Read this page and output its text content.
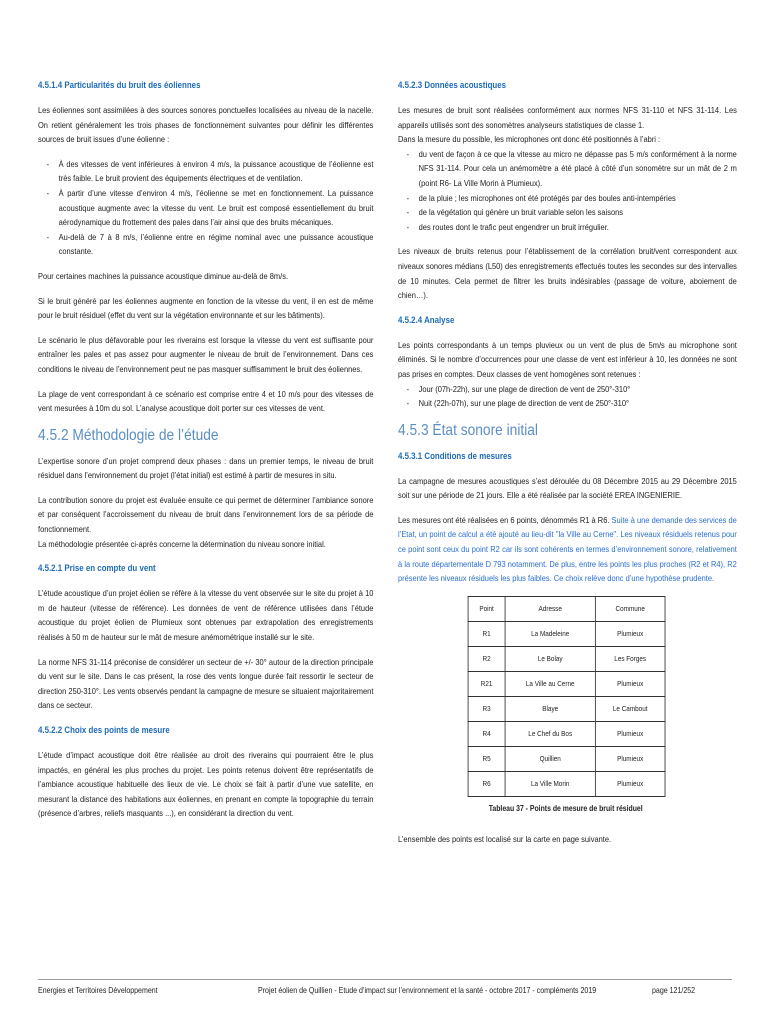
4.5.1.4 Particularités du bruit des éoliennes

Les éoliennes sont assimilées à des sources sonores ponctuelles localisées au niveau de la nacelle. On retient généralement les trois phases de fonctionnement suivantes pour définir les différentes sources de bruit issues d’une éolienne :

- À des vitesses de vent inférieures à environ 4 m/s, la puissance acoustique de l’éolienne est très faible. Le bruit provient des équipements électriques et de ventilation.
- À partir d’une vitesse d’environ 4 m/s, l’éolienne se met en fonctionnement. La puissance acoustique augmente avec la vitesse du vent. Le bruit est composé essentiellement du bruit aérodynamique du frottement des pales dans l’air ainsi que des bruits mécaniques.
- Au-delà de 7 à 8 m/s, l’éolienne entre en régime nominal avec une puissance acoustique constante.

Pour certaines machines la puissance acoustique diminue au-delà de 8m/s.

Si le bruit généré par les éoliennes augmente en fonction de la vitesse du vent, il en est de même pour le bruit résiduel (effet du vent sur la végétation environnante et sur les bâtiments).

Le scénario le plus défavorable pour les riverains est lorsque la vitesse du vent est suffisante pour entraîner les pales et pas assez pour augmenter le niveau de bruit de l’environnement. Dans ces conditions le niveau de l’environnement peut ne pas masquer suffisamment le bruit des éoliennes.

La plage de vent correspondant à ce scénario est comprise entre 4 et 10 m/s pour des vitesses de vent mesurées à 10m du sol. L’analyse acoustique doit porter sur ces vitesses de vent.

4.5.2 Méthodologie de l’étude

L’expertise sonore d’un projet comprend deux phases : dans un premier temps, le niveau de bruit résiduel dans l’environnement du projet (l’état initial) est estimé à partir de mesures in situ.

La contribution sonore du projet est évaluée ensuite ce qui permet de déterminer l’ambiance sonore et par conséquent l’accroissement du niveau de bruit dans l’environnement lors de sa période de fonctionnement.

La méthodologie présentée ci-après concerne la détermination du niveau sonore initial.

4.5.2.1 Prise en compte du vent

L’étude acoustique d’un projet éolien se réfère à la vitesse du vent observée sur le site du projet à 10 m de hauteur (vitesse de référence). Les données de vent de référence utilisées dans l’étude acoustique du projet éolien de Plumieux sont obtenues par extrapolation des enregistrements réalisés à 50 m de hauteur sur le mât de mesure anémométrique installé sur le site.

La norme NFS 31-114 préconise de considérer un secteur de +/- 30° autour de la direction principale du vent sur le site. Dans le cas présent, la rose des vents longue durée fait ressortir le secteur de direction 250-310°. Les vents observés pendant la campagne de mesure se situaient majoritairement dans ce secteur.

4.5.2.2 Choix des points de mesure

L’étude d’impact acoustique doit être réalisée au droit des riverains qui pourraient être le plus impactés, en général les plus proches du projet. Les points retenus doivent être représentatifs de l’ambiance acoustique habituelle des lieux de vie. Le choix se fait à partir d’une vue satellite, en mesurant la distance des habitations aux éoliennes, en prenant en compte la topographie du terrain (présence d’arbres, reliefs masquants ...), en considérant la direction du vent.

4.5.2.3 Données acoustiques

Les mesures de bruit sont réalisées conformément aux normes NFS 31-110 et NFS 31-114. Les appareils utilisés sont des sonomètres analyseurs statistiques de classe 1.

Dans la mesure du possible, les microphones ont donc été positionnés à l’abri :

- du vent de façon à ce que la vitesse au micro ne dépasse pas 5 m/s conformément à la norme NFS 31-114. Pour cela un anémomètre a été placé à côté d’un sonomètre sur un mât de 2 m (point R6- La Ville Morin à Plumieux).
- de la pluie ; les microphones ont été protégés par des boules anti-intempéries
- de la végétation qui génère un bruit variable selon les saisons
- des routes dont le trafic peut engendrer un bruit irrégulier.

Les niveaux de bruits retenus pour l’établissement de la corrélation bruit/vent correspondent aux niveaux sonores médians (L50) des enregistrements effectués toutes les secondes sur des intervalles de 10 minutes. Cela permet de filtrer les bruits indésirables (passage de voiture, aboiement de chien…).

4.5.2.4 Analyse

Les points correspondants à un temps pluvieux ou un vent de plus de 5m/s au microphone sont éliminés. Si le nombre d’occurrences pour une classe de vent est inférieur à 10, les données ne sont pas prises en comptes. Deux classes de vent homogènes sont retenues :

- Jour (07h-22h), sur une plage de direction de vent de 250°-310°
- Nuit (22h-07h), sur une plage de direction de vent de 250°-310°
4.5.3 État sonore initial
4.5.3.1 Conditions de mesures

La campagne de mesures acoustiques s’est déroulée du 08 Décembre 2015 au 29 Décembre 2015 soit sur une période de 21 jours. Elle a été réalisée par la société EREA INGENIERIE.

Les mesures ont été réalisées en 6 points, dénommés R1 à R6. Suite à une demande des services de l’Etat, un point de calcul a été ajouté au lieu-dit "la Ville au Cerne". Les niveaux résiduels retenus pour ce point sont ceux du point R2 car ils sont cohérents en termes d’environnement sonore, relativement à la route départementale D 793 notamment. De plus, entre les points les plus proches (R2 et R4), R2 présente les niveaux résiduels les plus faibles. Ce choix relève donc d’une hypothèse prudente.

Point	Adresse	Commune
R1	La Madeleine	Plumieux
R2	Le Bolay	Les Forges
R21	La Ville au Cerne	Plumieux
R3	Blaye	Le Cambout
R4	Le Chef du Bos	Plumieux
R5	Quillien	Plumieux
R6	La Ville Morin	Plumieux
Tableau 37 - Points de mesure de bruit résiduel

L’ensemble des points est localisé sur la carte en page suivante.

Energies et Territoires Développement	Projet éolien de Quillien - Etude d’impact sur l’environnement et la santé - octobre 2017 - compléments 2019	page 121/252
